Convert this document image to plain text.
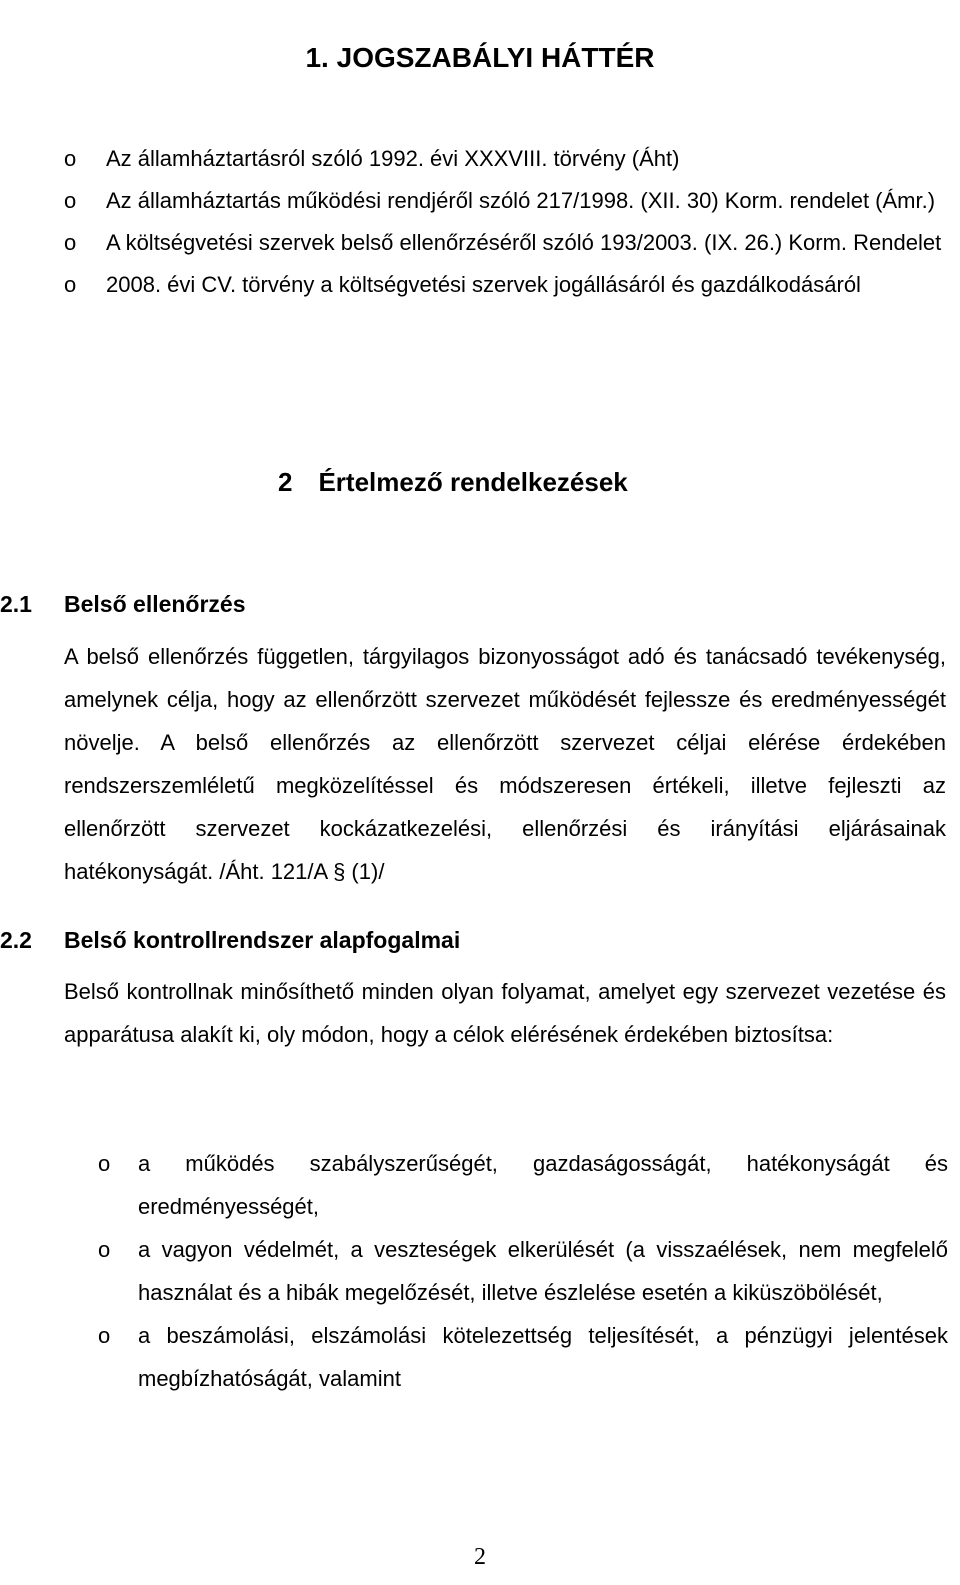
1. JOGSZABÁLYI HÁTTÉR
o Az államháztartásról szóló 1992. évi XXXVIII. törvény (Áht)
o Az államháztartás működési rendjéről szóló 217/1998. (XII. 30) Korm. rendelet (Ámr.)
o A költségvetési szervek belső ellenőrzéséről szóló 193/2003. (IX. 26.) Korm. Rendelet
o 2008. évi CV. törvény a költségvetési szervek jogállásáról és gazdálkodásáról
2 Értelmező rendelkezések
2.1 Belső ellenőrzés
A belső ellenőrzés független, tárgyilagos bizonyosságot adó és tanácsadó tevékenység, amelynek célja, hogy az ellenőrzött szervezet működését fejlessze és eredményességét növelje. A belső ellenőrzés az ellenőrzött szervezet céljai elérése érdekében rendszerszemléletű megközelítéssel és módszeresen értékeli, illetve fejleszti az ellenőrzött szervezet kockázatkezelési, ellenőrzési és irányítási eljárásainak hatékonyságát. /Áht. 121/A § (1)/
2.2 Belső kontrollrendszer alapfogalmai
Belső kontrollnak minősíthető minden olyan folyamat, amelyet egy szervezet vezetése és apparátusa alakít ki, oly módon, hogy a célok elérésének érdekében biztosítsa:
o a működés szabályszerűségét, gazdaságosságát, hatékonyságát és eredményességét,
o a vagyon védelmét, a veszteségek elkerülését (a visszaélések, nem megfelelő használat és a hibák megelőzését, illetve észlelése esetén a kiküszöbölését,
o a beszámolási, elszámolási kötelezettség teljesítését, a pénzügyi jelentések megbízhatóságát, valamint
2
